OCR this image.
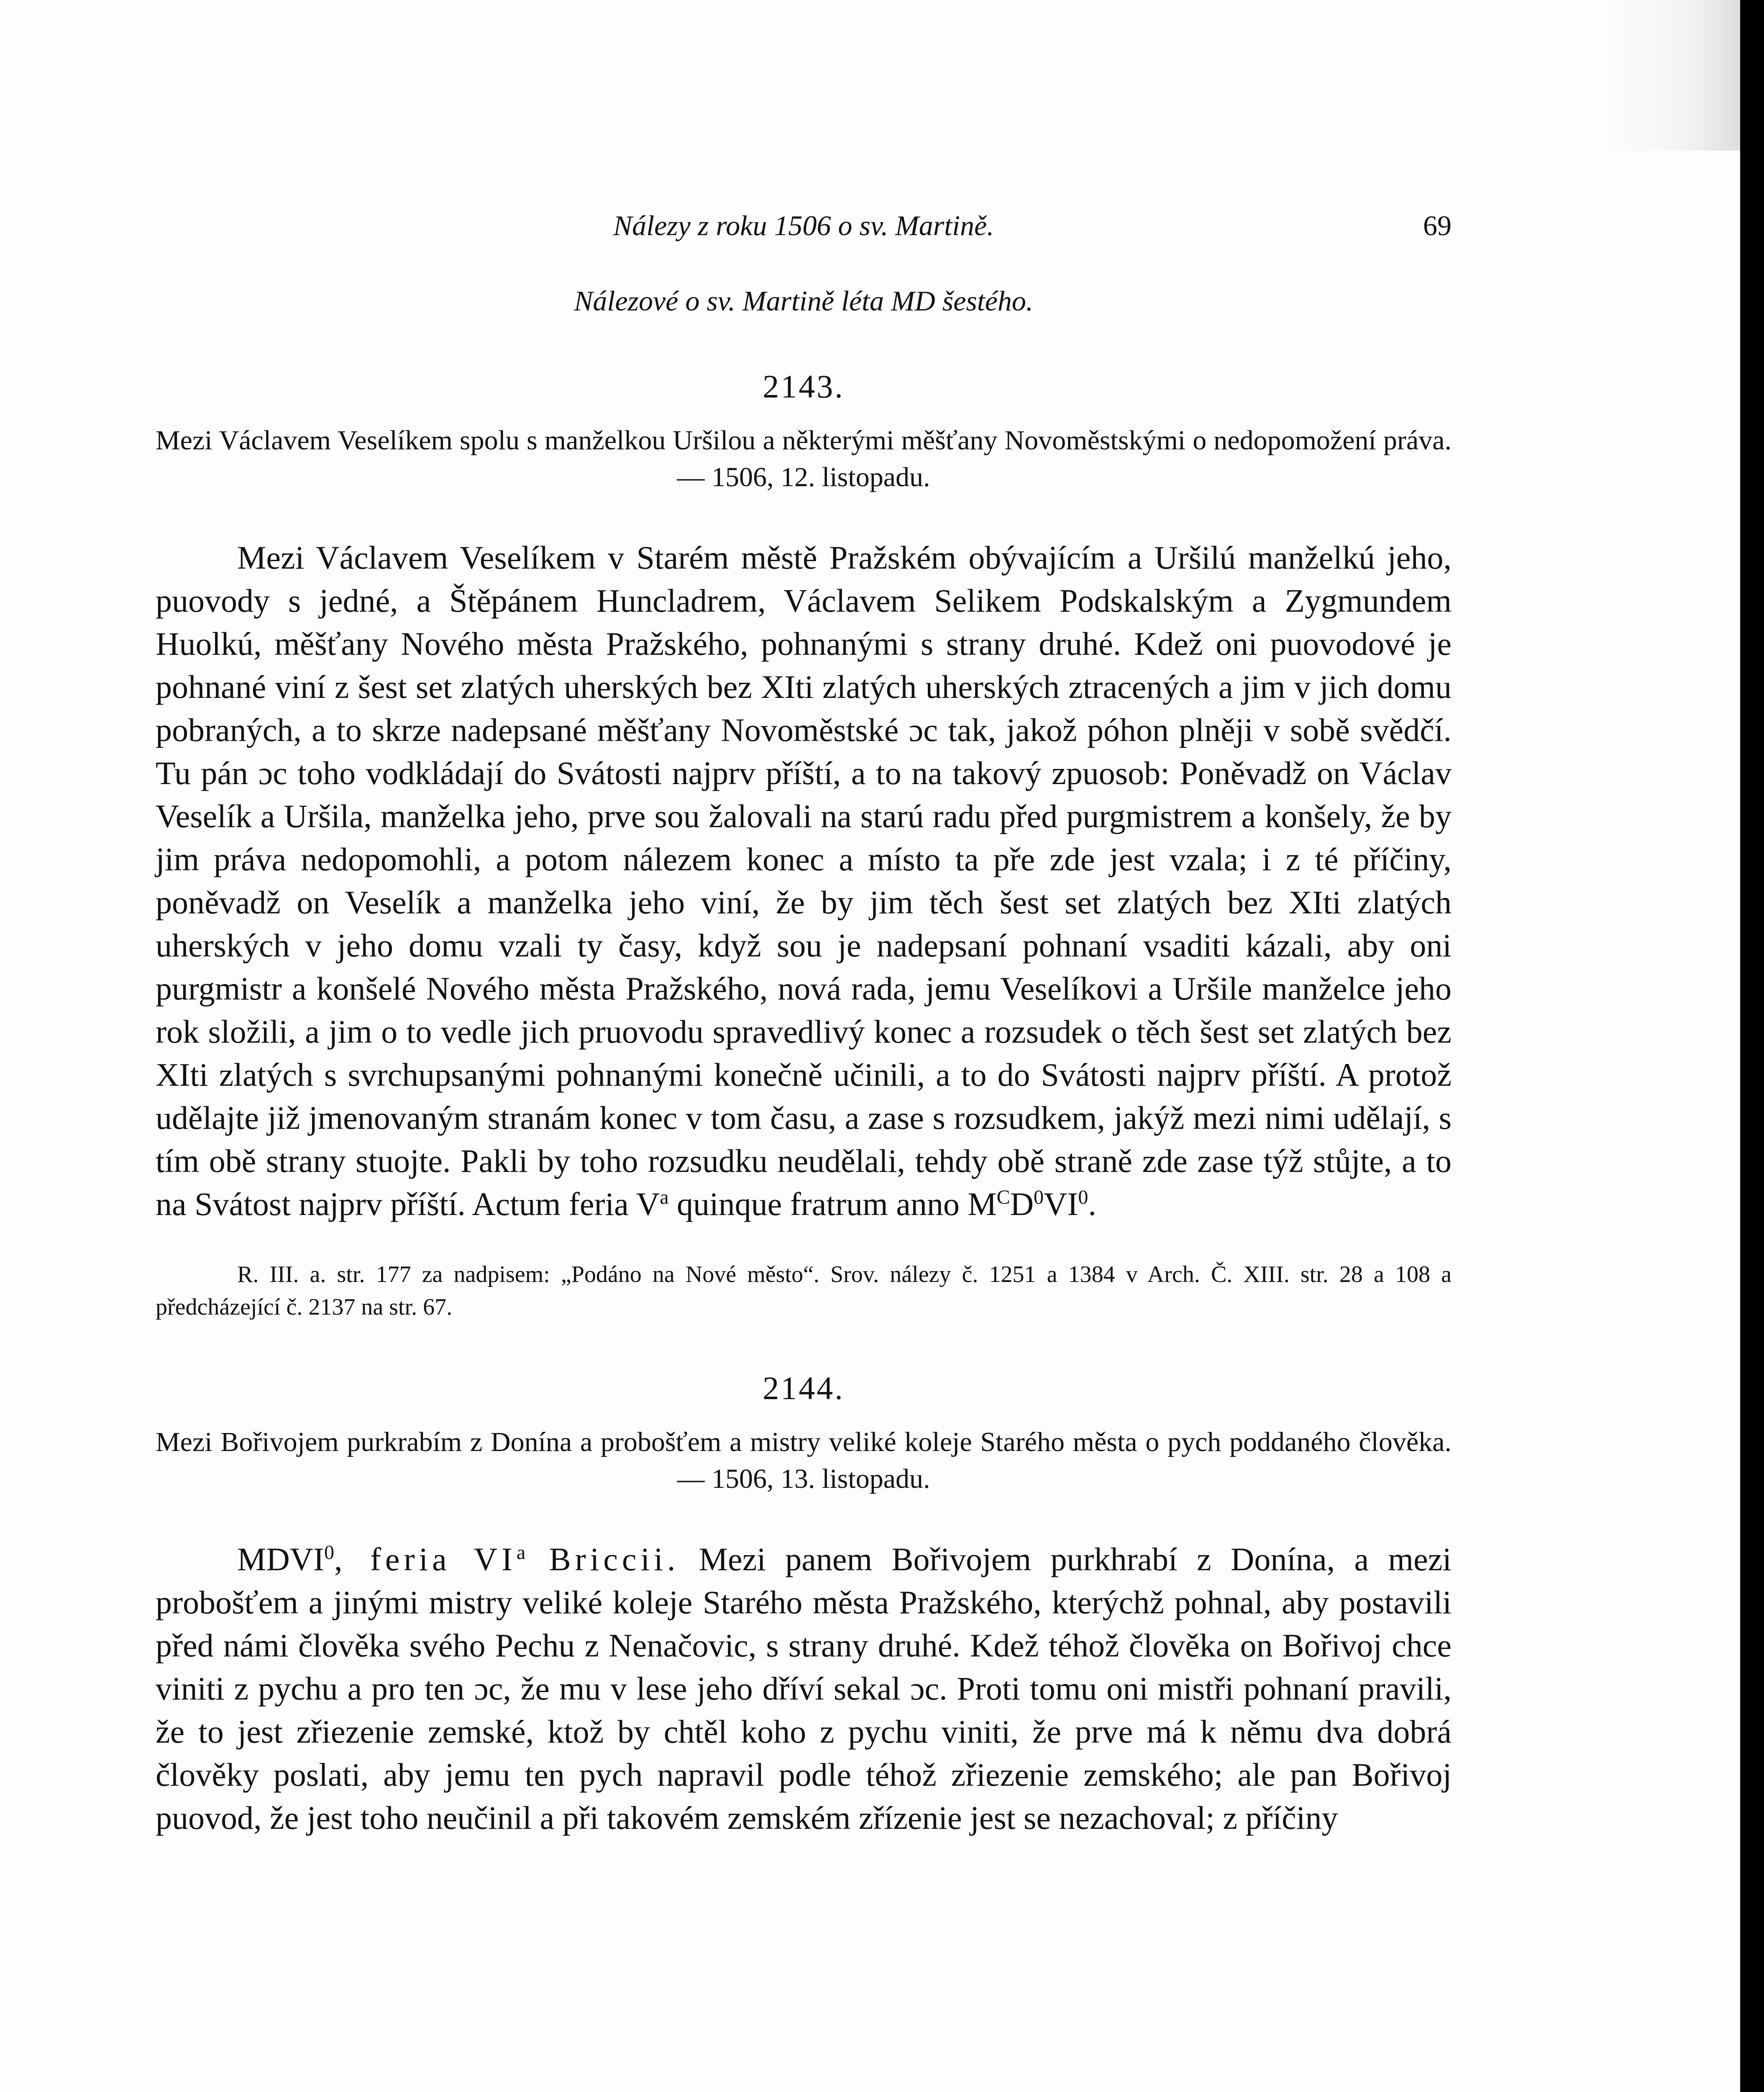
Nálezy z roku 1506 o sv. Martině.	69
Nálezové o sv. Martině léta MD šestého.
2143.
Mezi Václavem Veselíkem spolu s manželkou Uršilou a některými měšťany Novoměstskými o nedopomožení práva. — 1506, 12. listopadu.

Mezi Václavem Veselíkem v Starém městě Pražském obývajícím a Uršilú manželkú jeho, puovody s jedné, a Štěpánem Huncladrem, Václavem Selikem Podskalským a Zygmundem Huolkú, měšťany Nového města Pražského, pohnanými s strany druhé. Kdež oni puovodové je pohnané viní z šest set zlatých uherských bez XIti zlatých uherských ztracených a jim v jich domu pobraných, a to skrze nadepsané měšťany Novoměstské ɔc tak, jakož póhon plněji v sobě svědčí. Tu pán ɔc toho vodkládají do Svátosti najprv příští, a to na takový zpuosob: Poněvadž on Václav Veselík a Uršila, manželka jeho, prve sou žalovali na starú radu před purgmistrem a konšely, že by jim práva nedopomohli, a potom nálezem konec a místo ta pře zde jest vzala; i z té příčiny, poněvadž on Veselík a manželka jeho viní, že by jim těch šest set zlatých bez XIti zlatých uherských v jeho domu vzali ty časy, když sou je nadepsaní pohnaní vsaditi kázali, aby oni purgmistr a konšelé Nového města Pražského, nová rada, jemu Veselíkovi a Uršile manželce jeho rok složili, a jim o to vedle jich pruovodu spravedlivý konec a rozsudek o těch šest set zlatých bez XIti zlatých s svrchupsanými pohnanými konečně učinili, a to do Svátosti najprv příští. A protož udělajte již jmenovaným stranám konec v tom času, a zase s rozsudkem, jakýž mezi nimi udělají, s tím obě strany stuojte. Pakli by toho rozsudku neudělali, tehdy obě straně zde zase týž stůjte, a to na Svátost najprv příští. Actum feria $V^a$ quinque fratrum anno $M^CD^0VI^0$.

R. III. a. str. 177 za nadpisem: „Podáno na Nové město“. Srov. nálezy č. 1251 a 1384 v Arch. Č. XIII. str. 28 a 108 a předcházející č. 2137 na str. 67.

2144.
Mezi Bořivojem purkrabím z Donína a probošťem a mistry veliké koleje Starého města o pych poddaného člověka. — 1506, 13. listopadu.

MDVI$^0$, feria $VI^a$ Briccii. Mezi panem Bořivojem purkhrabí z Donína, a mezi probošťem a jinými mistry veliké koleje Starého města Pražského, kterýchž pohnal, aby postavili před námi člověka svého Pechu z Nenačovic, s strany druhé. Kdež téhož člověka on Bořivoj chce viniti z pychu a pro ten ɔc, že mu v lese jeho dříví sekal ɔc. Proti tomu oni mistři pohnaní pravili, že to jest zřiezenie zemské, ktož by chtěl koho z pychu viniti, že prve má k němu dva dobrá člověky poslati, aby jemu ten pych napravil podle téhož zřiezenie zemského; ale pan Bořivoj puovod, že jest toho neučinil a při takovém zemském zřízenie jest se nezachoval; z příčiny
